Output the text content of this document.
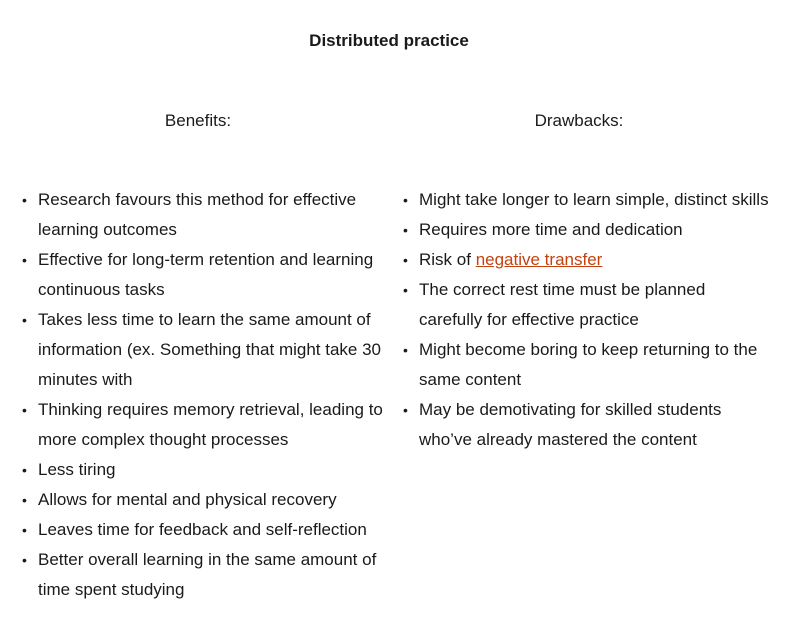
Distributed practice
Benefits:
• Research favours this method for effective learning outcomes
• Effective for long-term retention and learning continuous tasks
• Takes less time to learn the same amount of information (ex. Something that might take 30 minutes with
• Thinking requires memory retrieval, leading to more complex thought processes
• Less tiring
• Allows for mental and physical recovery
• Leaves time for feedback and self-reflection
• Better overall learning in the same amount of time spent studying
Drawbacks:
• Might take longer to learn simple, distinct skills
• Requires more time and dedication
• Risk of negative transfer
• The correct rest time must be planned carefully for effective practice
• Might become boring to keep returning to the same content
• May be demotivating for skilled students who’ve already mastered the content
